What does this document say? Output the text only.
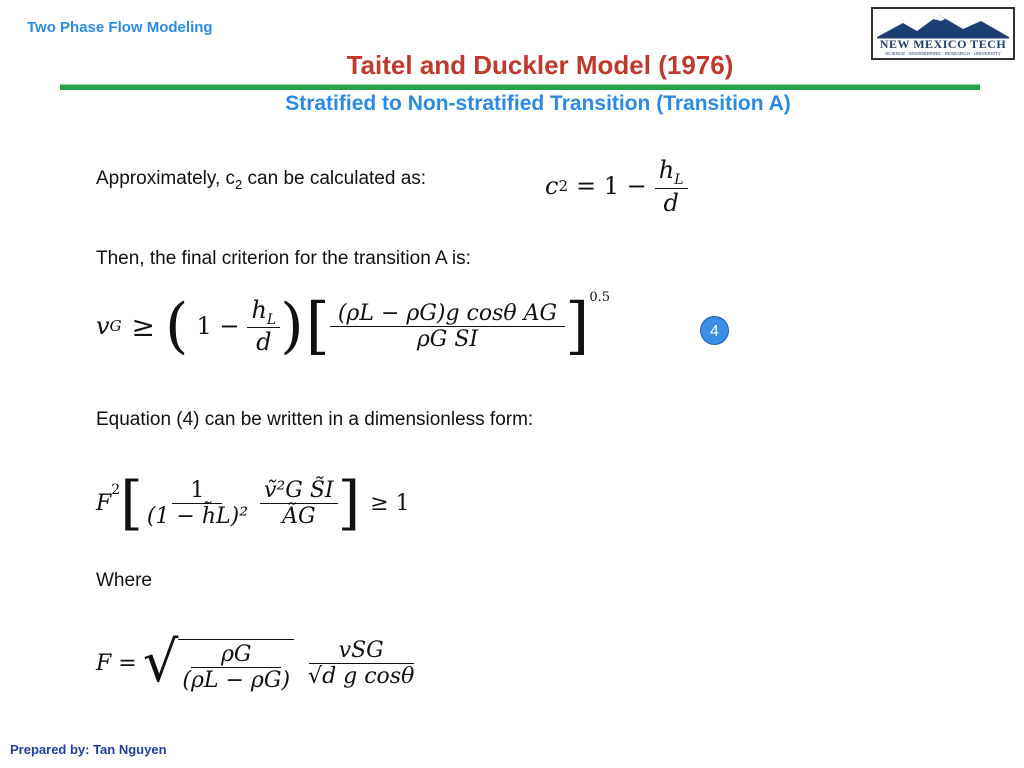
Two Phase Flow Modeling
NEW MEXICO TECH
SCIENCE · ENGINEERING · RESEARCH · UNIVERSITY
Taitel and Duckler Model (1976)
Stratified to Non-stratified Transition (Transition A)
Approximately, $c_2$ can be calculated as:	c $2 = 1 - \frac{h_L}{d}$
Then, the final criterion for the transition A is:
v G ≥ ( $1 - \frac{h_L}{d}$ ) [ $\frac{\text{(ρL − ρG)g cosθ AG}}{\text{ρG SI}} ]^{0.5}$
4
Equation (4) can be written in a dimensionless form:
F
$^2$ [ $\frac{1}{\text{(1 − h̃L)²}} \frac{\text{ṽ²G S̃I}}{ÃG}$ ] ≥ 1
Where
F = √ $\frac{\rho G}{(\rho L - \rho G)} \frac{\text{vSG}}{\text{√d g cosθ}}$
Prepared by: Tan Nguyen
